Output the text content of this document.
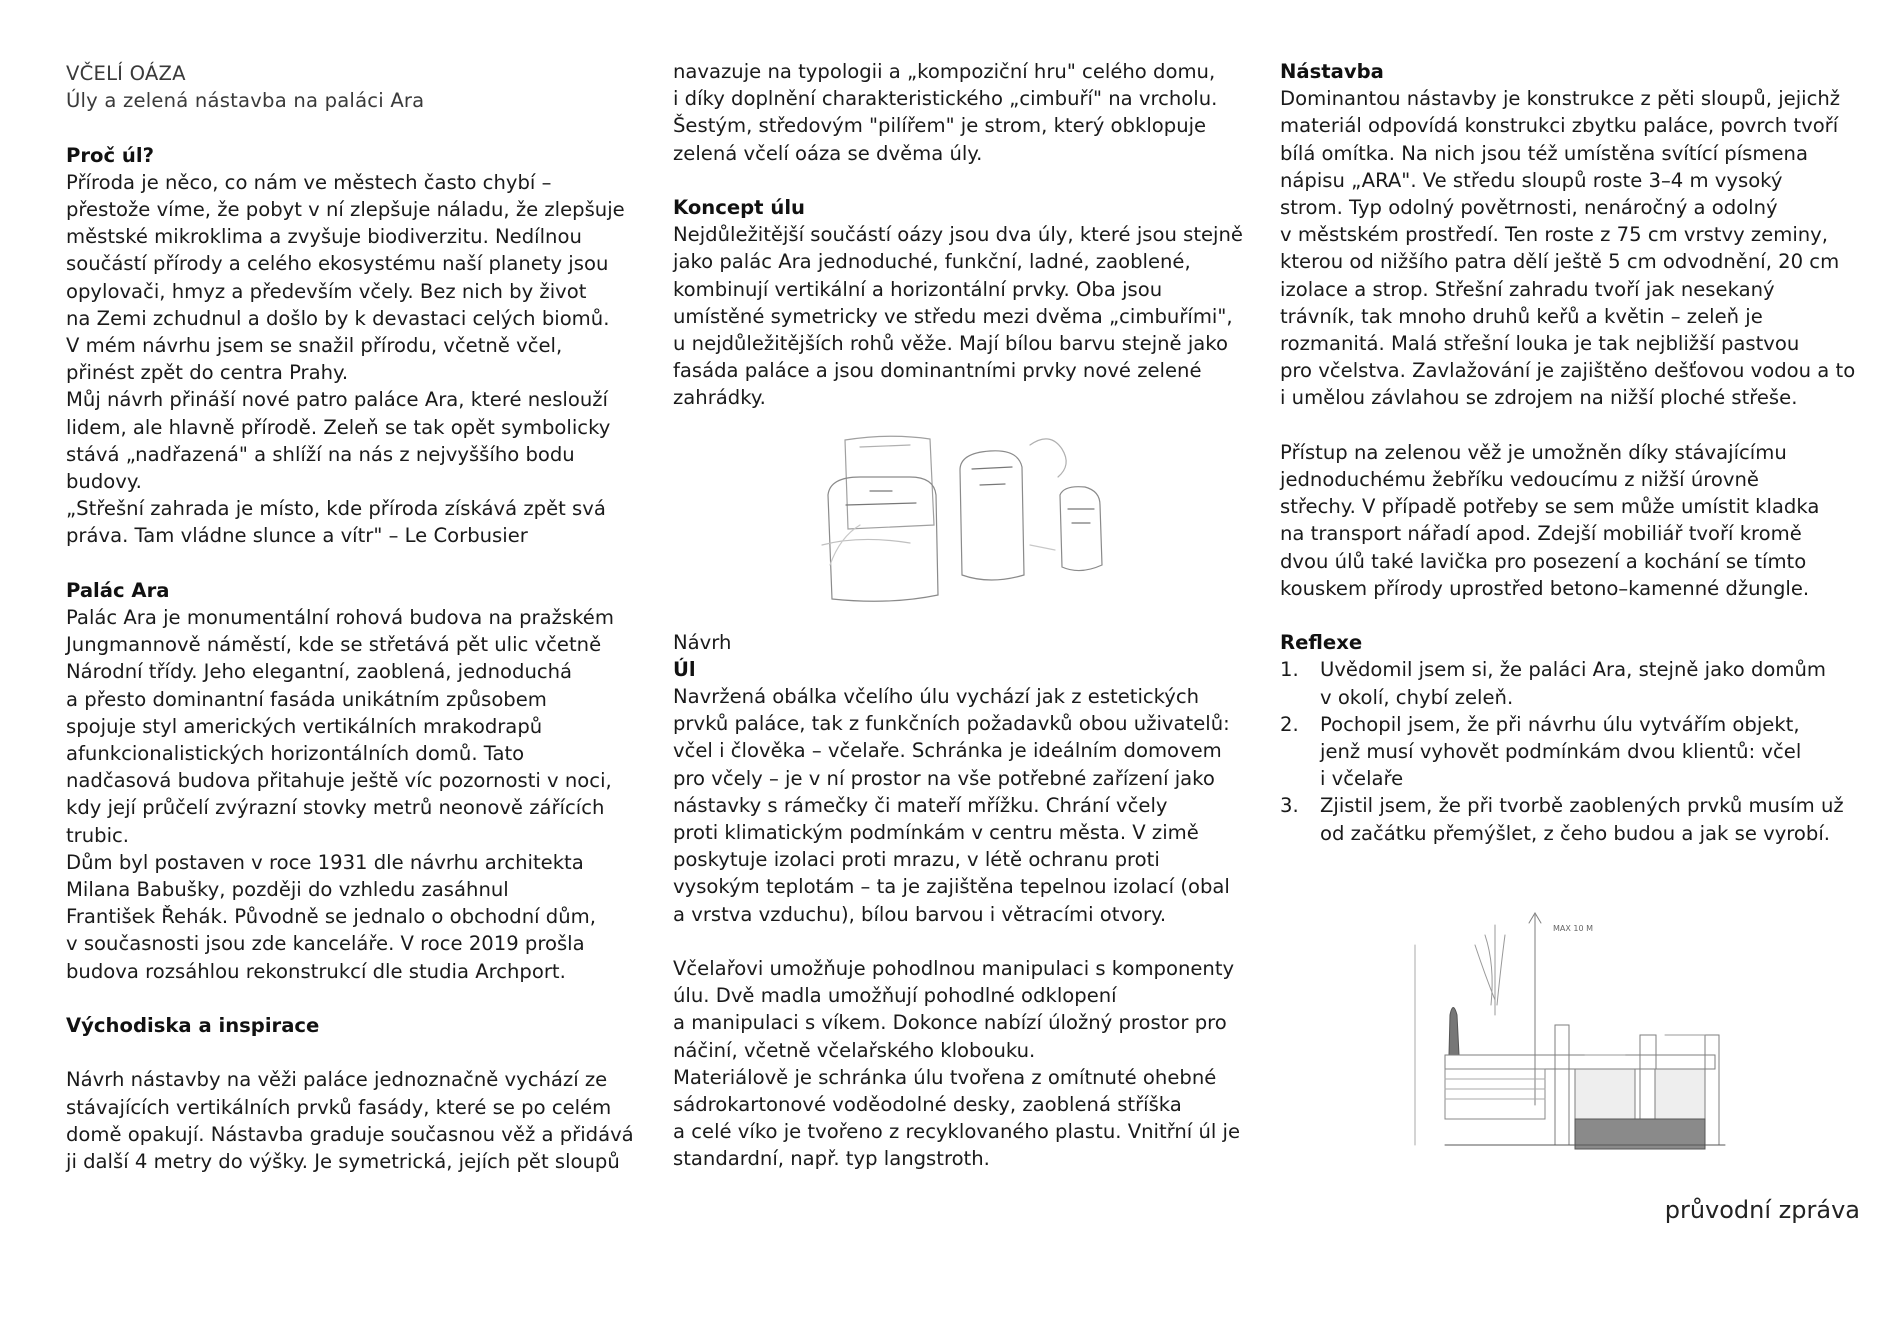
VČELÍ OÁZA
Úly a zelená nástavba na paláci Ara
Proč úl?
Příroda je něco, co nám ve městech často chybí –
přestože víme, že pobyt v ní zlepšuje náladu, že zlepšuje
městské mikroklima a zvyšuje biodiverzitu. Nedílnou
součástí přírody a celého ekosystému naší planety jsou
opylovači, hmyz a především včely. Bez nich by život
na Zemi zchudnul a došlo by k devastaci celých biomů.
V mém návrhu jsem se snažil přírodu, včetně včel,
přinést zpět do centra Prahy.
Můj návrh přináší nové patro paláce Ara, které neslouží
lidem, ale hlavně přírodě. Zeleň se tak opět symbolicky
stává „nadřazená" a shlíží na nás z nejvyššího bodu
budovy.
„Střešní zahrada je místo, kde příroda získává zpět svá
práva. Tam vládne slunce a vítr" – Le Corbusier
Palác Ara
Palác Ara je monumentální rohová budova na pražském
Jungmannově náměstí, kde se střetává pět ulic včetně
Národní třídy. Jeho elegantní, zaoblená, jednoduchá
a přesto dominantní fasáda unikátním způsobem
spojuje styl amerických vertikálních mrakodrapů
afunkcionalistických horizontálních domů. Tato
nadčasová budova přitahuje ještě víc pozornosti v noci,
kdy její průčelí zvýrazní stovky metrů neonově zářících
trubic.
Dům byl postaven v roce 1931 dle návrhu architekta
Milana Babušky, později do vzhledu zasáhnul
František Řehák. Původně se jednalo o obchodní dům,
v současnosti jsou zde kanceláře. V roce 2019 prošla
budova rozsáhlou rekonstrukcí dle studia Archport.
Východiska a inspirace
Návrh nástavby na věži paláce jednoznačně vychází ze
stávajících vertikálních prvků fasády, které se po celém
domě opakují. Nástavba graduje současnou věž a přidává
ji další 4 metry do výšky. Je symetrická, jejích pět sloupů
navazuje na typologii a „kompoziční hru" celého domu,
i díky doplnění charakteristického „cimbuří" na vrcholu.
Šestým, středovým "pilířem" je strom, který obklopuje
zelená včelí oáza se dvěma úly.
Koncept úlu
Nejdůležitější součástí oázy jsou dva úly, které jsou stejně
jako palác Ara jednoduché, funkční, ladné, zaoblené,
kombinují vertikální a horizontální prvky. Oba jsou
umístěné symetricky ve středu mezi dvěma „cimbuřími",
u nejdůležitějších rohů věže. Mají bílou barvu stejně jako
fasáda paláce a jsou dominantními prvky nové zelené
zahrádky.
Návrh
Úl
Navržená obálka včelího úlu vychází jak z estetických
prvků paláce, tak z funkčních požadavků obou uživatelů:
včel i člověka – včelaře. Schránka je ideálním domovem
pro včely – je v ní prostor na vše potřebné zařízení jako
nástavky s rámečky či mateří mřížku. Chrání včely
proti klimatickým podmínkám v centru města. V zimě
poskytuje izolaci proti mrazu, v létě ochranu proti
vysokým teplotám – ta je zajištěna tepelnou izolací (obal
a vrstva vzduchu), bílou barvou i větracími otvory.
Včelařovi umožňuje pohodlnou manipulaci s komponenty
úlu. Dvě madla umožňují pohodlné odklopení
a manipulaci s víkem. Dokonce nabízí úložný prostor pro
náčiní, včetně včelařského klobouku.
Materiálově je schránka úlu tvořena z omítnuté ohebné
sádrokartonové voděodolné desky, zaoblená stříška
a celé víko je tvořeno z recyklovaného plastu. Vnitřní úl je
standardní, např. typ langstroth.
Nástavba
Dominantou nástavby je konstrukce z pěti sloupů, jejichž
materiál odpovídá konstrukci zbytku paláce, povrch tvoří
bílá omítka. Na nich jsou též umístěna svítící písmena
nápisu „ARA". Ve středu sloupů roste 3–4 m vysoký
strom. Typ odolný povětrnosti, nenáročný a odolný
v městském prostředí. Ten roste z 75 cm vrstvy zeminy,
kterou od nižšího patra dělí ještě 5 cm odvodnění, 20 cm
izolace a strop. Střešní zahradu tvoří jak nesekaný
trávník, tak mnoho druhů keřů a květin – zeleň je
rozmanitá. Malá střešní louka je tak nejbližší pastvou
pro včelstva. Zavlažování je zajištěno dešťovou vodou a to
i umělou závlahou se zdrojem na nižší ploché střeše.
Přístup na zelenou věž je umožněn díky stávajícímu
jednoduchému žebříku vedoucímu z nižší úrovně
střechy. V případě potřeby se sem může umístit kladka
na transport nářadí apod. Zdejší mobiliář tvoří kromě
dvou úlů také lavička pro posezení a kochání se tímto
kouskem přírody uprostřed betono–kamenné džungle.
Reflexe
1. Uvědomil jsem si, že paláci Ara, stejně jako domům
v okolí, chybí zeleň.
2. Pochopil jsem, že při návrhu úlu vytvářím objekt,
jenž musí vyhovět podmínkám dvou klientů: včel
i včelaře
3. Zjistil jsem, že při tvorbě zaoblených prvků musím už
od začátku přemýšlet, z čeho budou a jak se vyrobí.
MAX 10 M
průvodní zpráva
